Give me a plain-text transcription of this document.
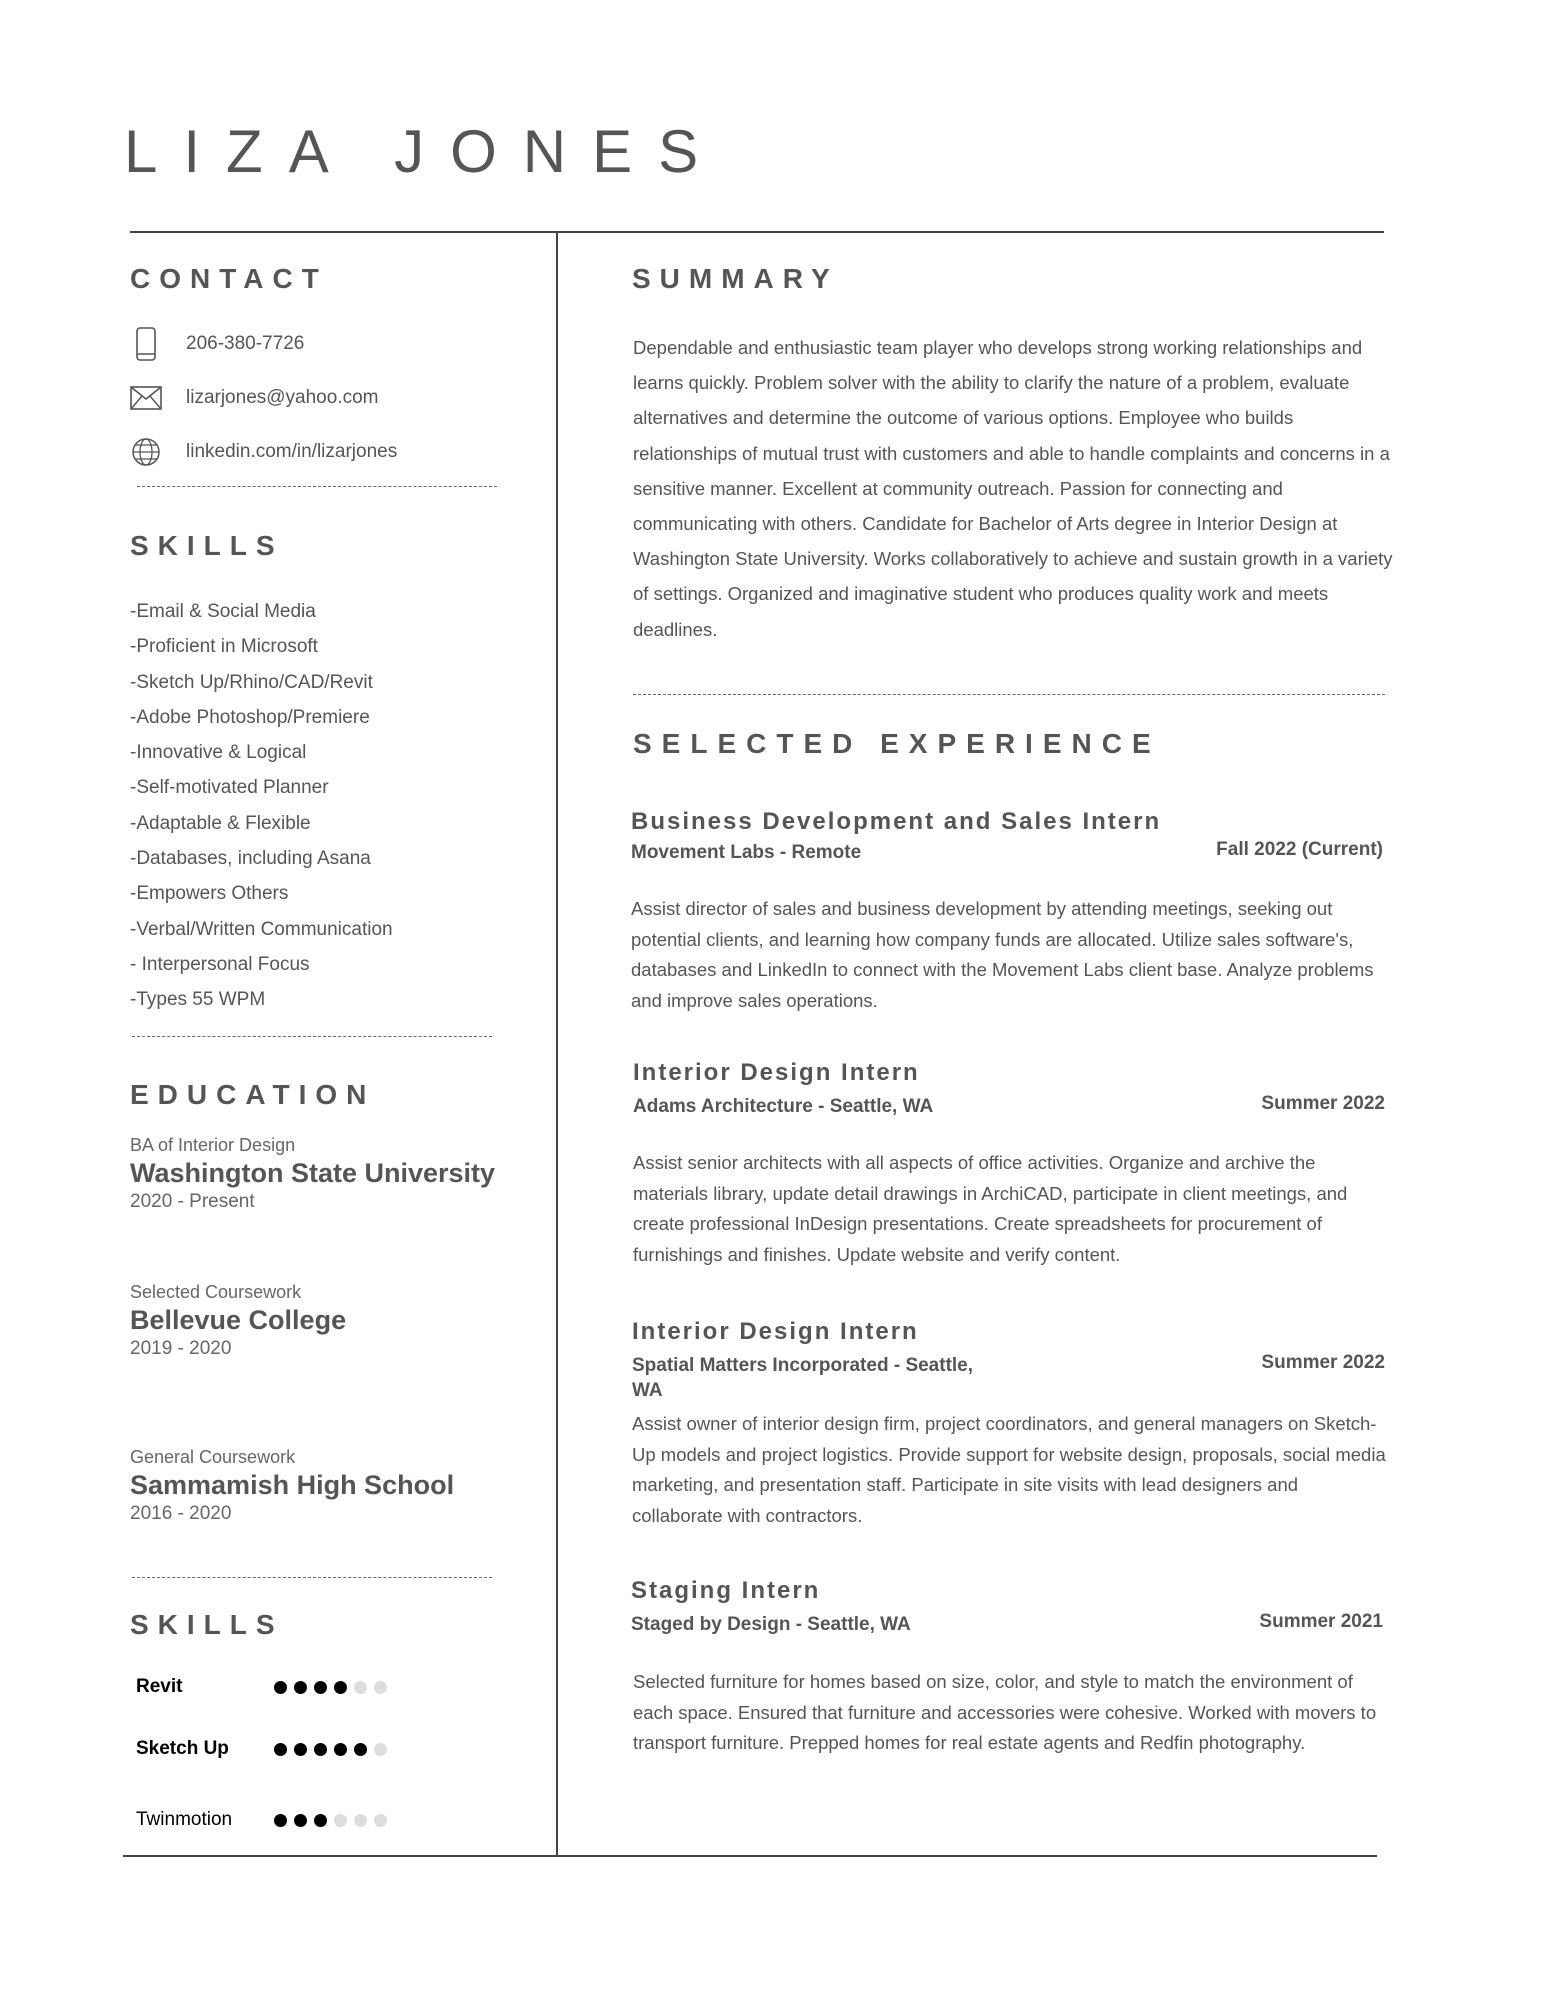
LIZA JONES
CONTACT
206-380-7726
lizarjones@yahoo.com
linkedin.com/in/lizarjones
SKILLS
-Email & Social Media
-Proficient in Microsoft
-Sketch Up/Rhino/CAD/Revit
-Adobe Photoshop/Premiere
-Innovative & Logical
-Self-motivated Planner
-Adaptable & Flexible
-Databases, including Asana
-Empowers Others
-Verbal/Written Communication
- Interpersonal Focus
-Types 55 WPM
EDUCATION
BA of Interior Design
Washington State University
2020 - Present
Selected Coursework
Bellevue College
2019 - 2020
General Coursework
Sammamish High School
2016 - 2020
SKILLS
Revit
Sketch Up
Twinmotion
SUMMARY

Dependable and enthusiastic team player who develops strong working relationships and learns quickly. Problem solver with the ability to clarify the nature of a problem, evaluate alternatives and determine the outcome of various options. Employee who builds relationships of mutual trust with customers and able to handle complaints and concerns in a sensitive manner. Excellent at community outreach. Passion for connecting and communicating with others. Candidate for Bachelor of Arts degree in Interior Design at Washington State University. Works collaboratively to achieve and sustain growth in a variety of settings. Organized and imaginative student who produces quality work and meets deadlines.

SELECTED EXPERIENCE
Business Development and Sales Intern
Movement Labs - Remote	Fall 2022 (Current)

Assist director of sales and business development by attending meetings, seeking out potential clients, and learning how company funds are allocated. Utilize sales software's, databases and LinkedIn to connect with the Movement Labs client base. Analyze problems and improve sales operations.

Interior Design Intern
Adams Architecture - Seattle, WA	Summer 2022

Assist senior architects with all aspects of office activities. Organize and archive the materials library, update detail drawings in ArchiCAD, participate in client meetings, and create professional InDesign presentations. Create spreadsheets for procurement of furnishings and finishes. Update website and verify content.

Interior Design Intern
Spatial Matters Incorporated - Seattle, WA
Summer 2022

Assist owner of interior design firm, project coordinators, and general managers on Sketch-Up models and project logistics. Provide support for website design, proposals, social media marketing, and presentation staff. Participate in site visits with lead designers and collaborate with contractors.

Staging Intern
Staged by Design - Seattle, WA	Summer 2021

Selected furniture for homes based on size, color, and style to match the environment of each space. Ensured that furniture and accessories were cohesive. Worked with movers to transport furniture. Prepped homes for real estate agents and Redfin photography.
